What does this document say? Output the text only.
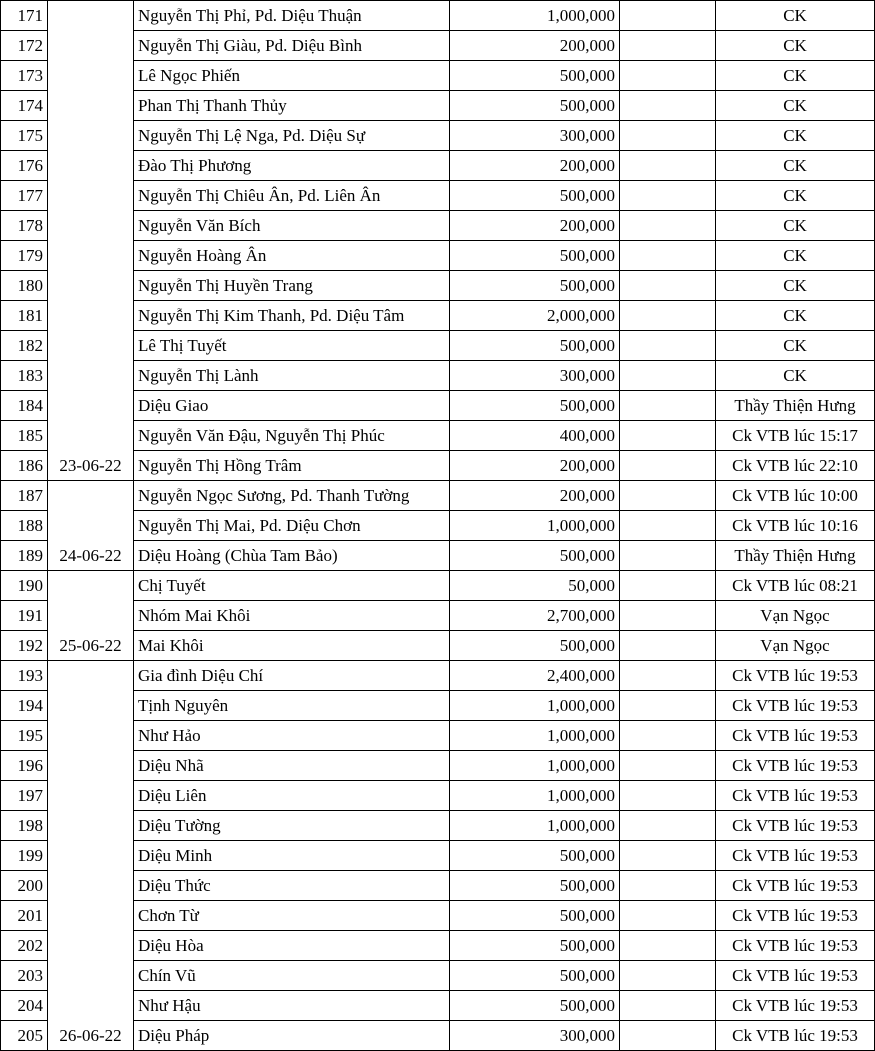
171	23-06-22	Nguyễn Thị Phỉ, Pd. Diệu Thuận	1,000,000		CK
172		Nguyễn Thị Giàu, Pd. Diệu Bình	200,000		CK
173		Lê Ngọc Phiến	500,000		CK
174		Phan Thị Thanh Thủy	500,000		CK
175		Nguyễn Thị Lệ Nga, Pd. Diệu Sự	300,000		CK
176		Đào Thị Phương	200,000		CK
177		Nguyễn Thị Chiêu Ân, Pd. Liên Ân	500,000		CK
178		Nguyễn Văn Bích	200,000		CK
179		Nguyễn Hoàng Ân	500,000		CK
180		Nguyễn Thị Huyền Trang	500,000		CK
181		Nguyễn Thị Kim Thanh, Pd. Diệu Tâm	2,000,000		CK
182		Lê Thị Tuyết	500,000		CK
183		Nguyễn Thị Lành	300,000		CK
184		Diệu Giao	500,000		Thầy Thiện Hưng
185		Nguyễn Văn Đậu, Nguyễn Thị Phúc	400,000		Ck VTB lúc 15:17
186		Nguyễn Thị Hồng Trâm	200,000		Ck VTB lúc 22:10
187	24-06-22	Nguyễn Ngọc Sương, Pd. Thanh Tường	200,000		Ck VTB lúc 10:00
188		Nguyễn Thị Mai, Pd. Diệu Chơn	1,000,000		Ck VTB lúc 10:16
189		Diệu Hoàng (Chùa Tam Bảo)	500,000		Thầy Thiện Hưng
190	25-06-22	Chị Tuyết	50,000		Ck VTB lúc 08:21
191		Nhóm Mai Khôi	2,700,000		Vạn Ngọc
192		Mai Khôi	500,000		Vạn Ngọc
193	26-06-22	Gia đình Diệu Chí	2,400,000		Ck VTB lúc 19:53
194		Tịnh Nguyên	1,000,000		Ck VTB lúc 19:53
195		Như Hảo	1,000,000		Ck VTB lúc 19:53
196		Diệu Nhã	1,000,000		Ck VTB lúc 19:53
197		Diệu Liên	1,000,000		Ck VTB lúc 19:53
198		Diệu Tường	1,000,000		Ck VTB lúc 19:53
199		Diệu Minh	500,000		Ck VTB lúc 19:53
200		Diệu Thức	500,000		Ck VTB lúc 19:53
201		Chơn Từ	500,000		Ck VTB lúc 19:53
202		Diệu Hòa	500,000		Ck VTB lúc 19:53
203		Chín Vũ	500,000		Ck VTB lúc 19:53
204		Như Hậu	500,000		Ck VTB lúc 19:53
205		Diệu Pháp	300,000		Ck VTB lúc 19:53
